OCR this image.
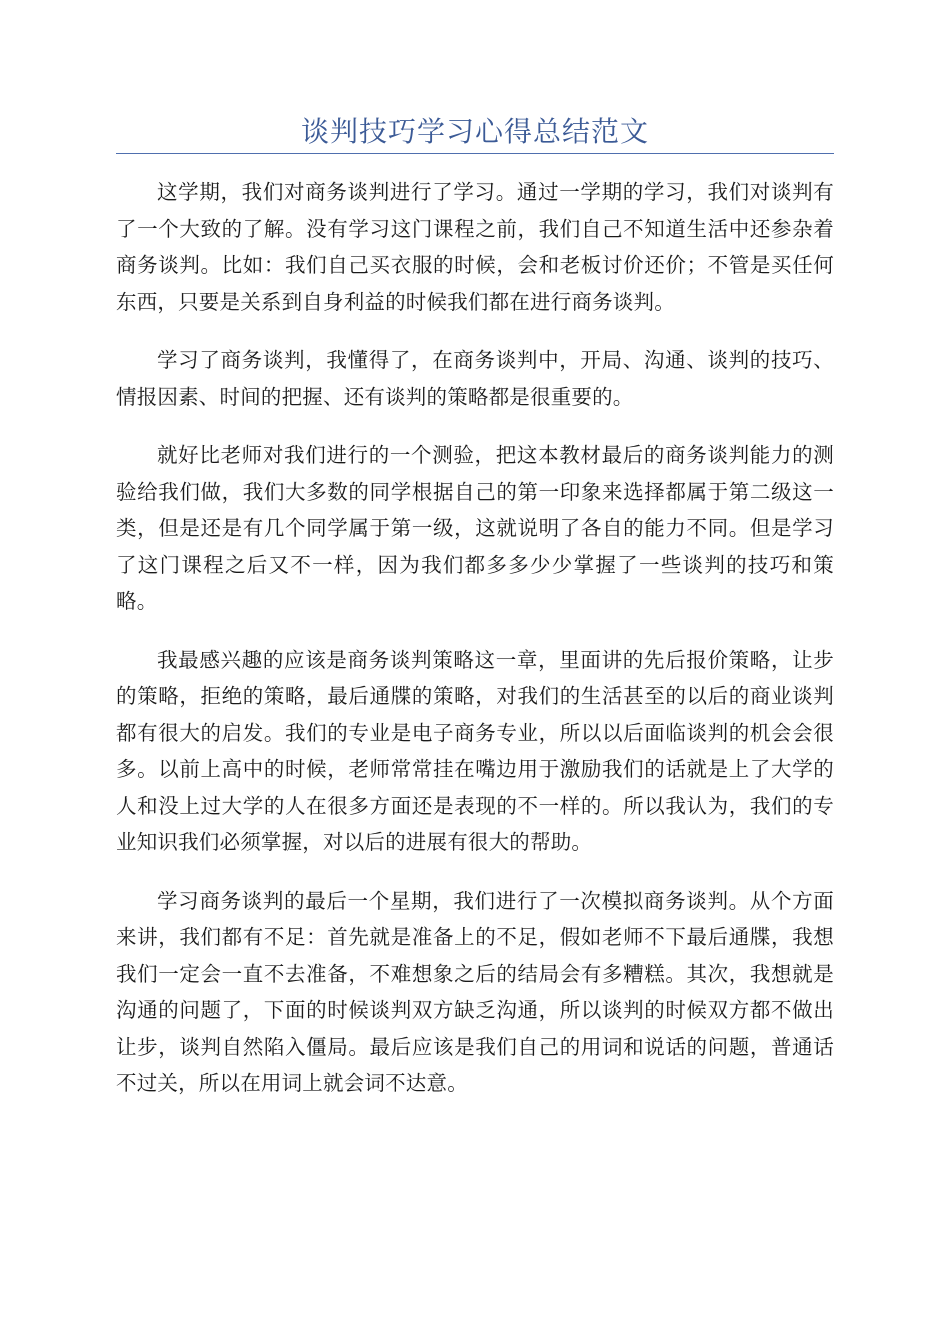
谈判技巧学习心得总结范文

这学期，我们对商务谈判进行了学习。通过一学期的学习，我们对谈判有了一个大致的了解。没有学习这门课程之前，我们自己不知道生活中还参杂着商务谈判。比如：我们自己买衣服的时候，会和老板讨价还价；不管是买任何东西，只要是关系到自身利益的时候我们都在进行商务谈判。

学习了商务谈判，我懂得了，在商务谈判中，开局、沟通、谈判的技巧、情报因素、时间的把握、还有谈判的策略都是很重要的。

就好比老师对我们进行的一个测验，把这本教材最后的商务谈判能力的测验给我们做，我们大多数的同学根据自己的第一印象来选择都属于第二级这一类，但是还是有几个同学属于第一级，这就说明了各自的能力不同。但是学习了这门课程之后又不一样，因为我们都多多少少掌握了一些谈判的技巧和策略。

我最感兴趣的应该是商务谈判策略这一章，里面讲的先后报价策略，让步的策略，拒绝的策略，最后通牒的策略，对我们的生活甚至的以后的商业谈判都有很大的启发。我们的专业是电子商务专业，所以以后面临谈判的机会会很多。以前上高中的时候，老师常常挂在嘴边用于激励我们的话就是上了大学的人和没上过大学的人在很多方面还是表现的不一样的。所以我认为，我们的专业知识我们必须掌握，对以后的进展有很大的帮助。

学习商务谈判的最后一个星期，我们进行了一次模拟商务谈判。从个方面来讲，我们都有不足：首先就是准备上的不足，假如老师不下最后通牒，我想我们一定会一直不去准备，不难想象之后的结局会有多糟糕。其次，我想就是沟通的问题了，下面的时候谈判双方缺乏沟通，所以谈判的时候双方都不做出让步，谈判自然陷入僵局。最后应该是我们自己的用词和说话的问题，普通话不过关，所以在用词上就会词不达意。
